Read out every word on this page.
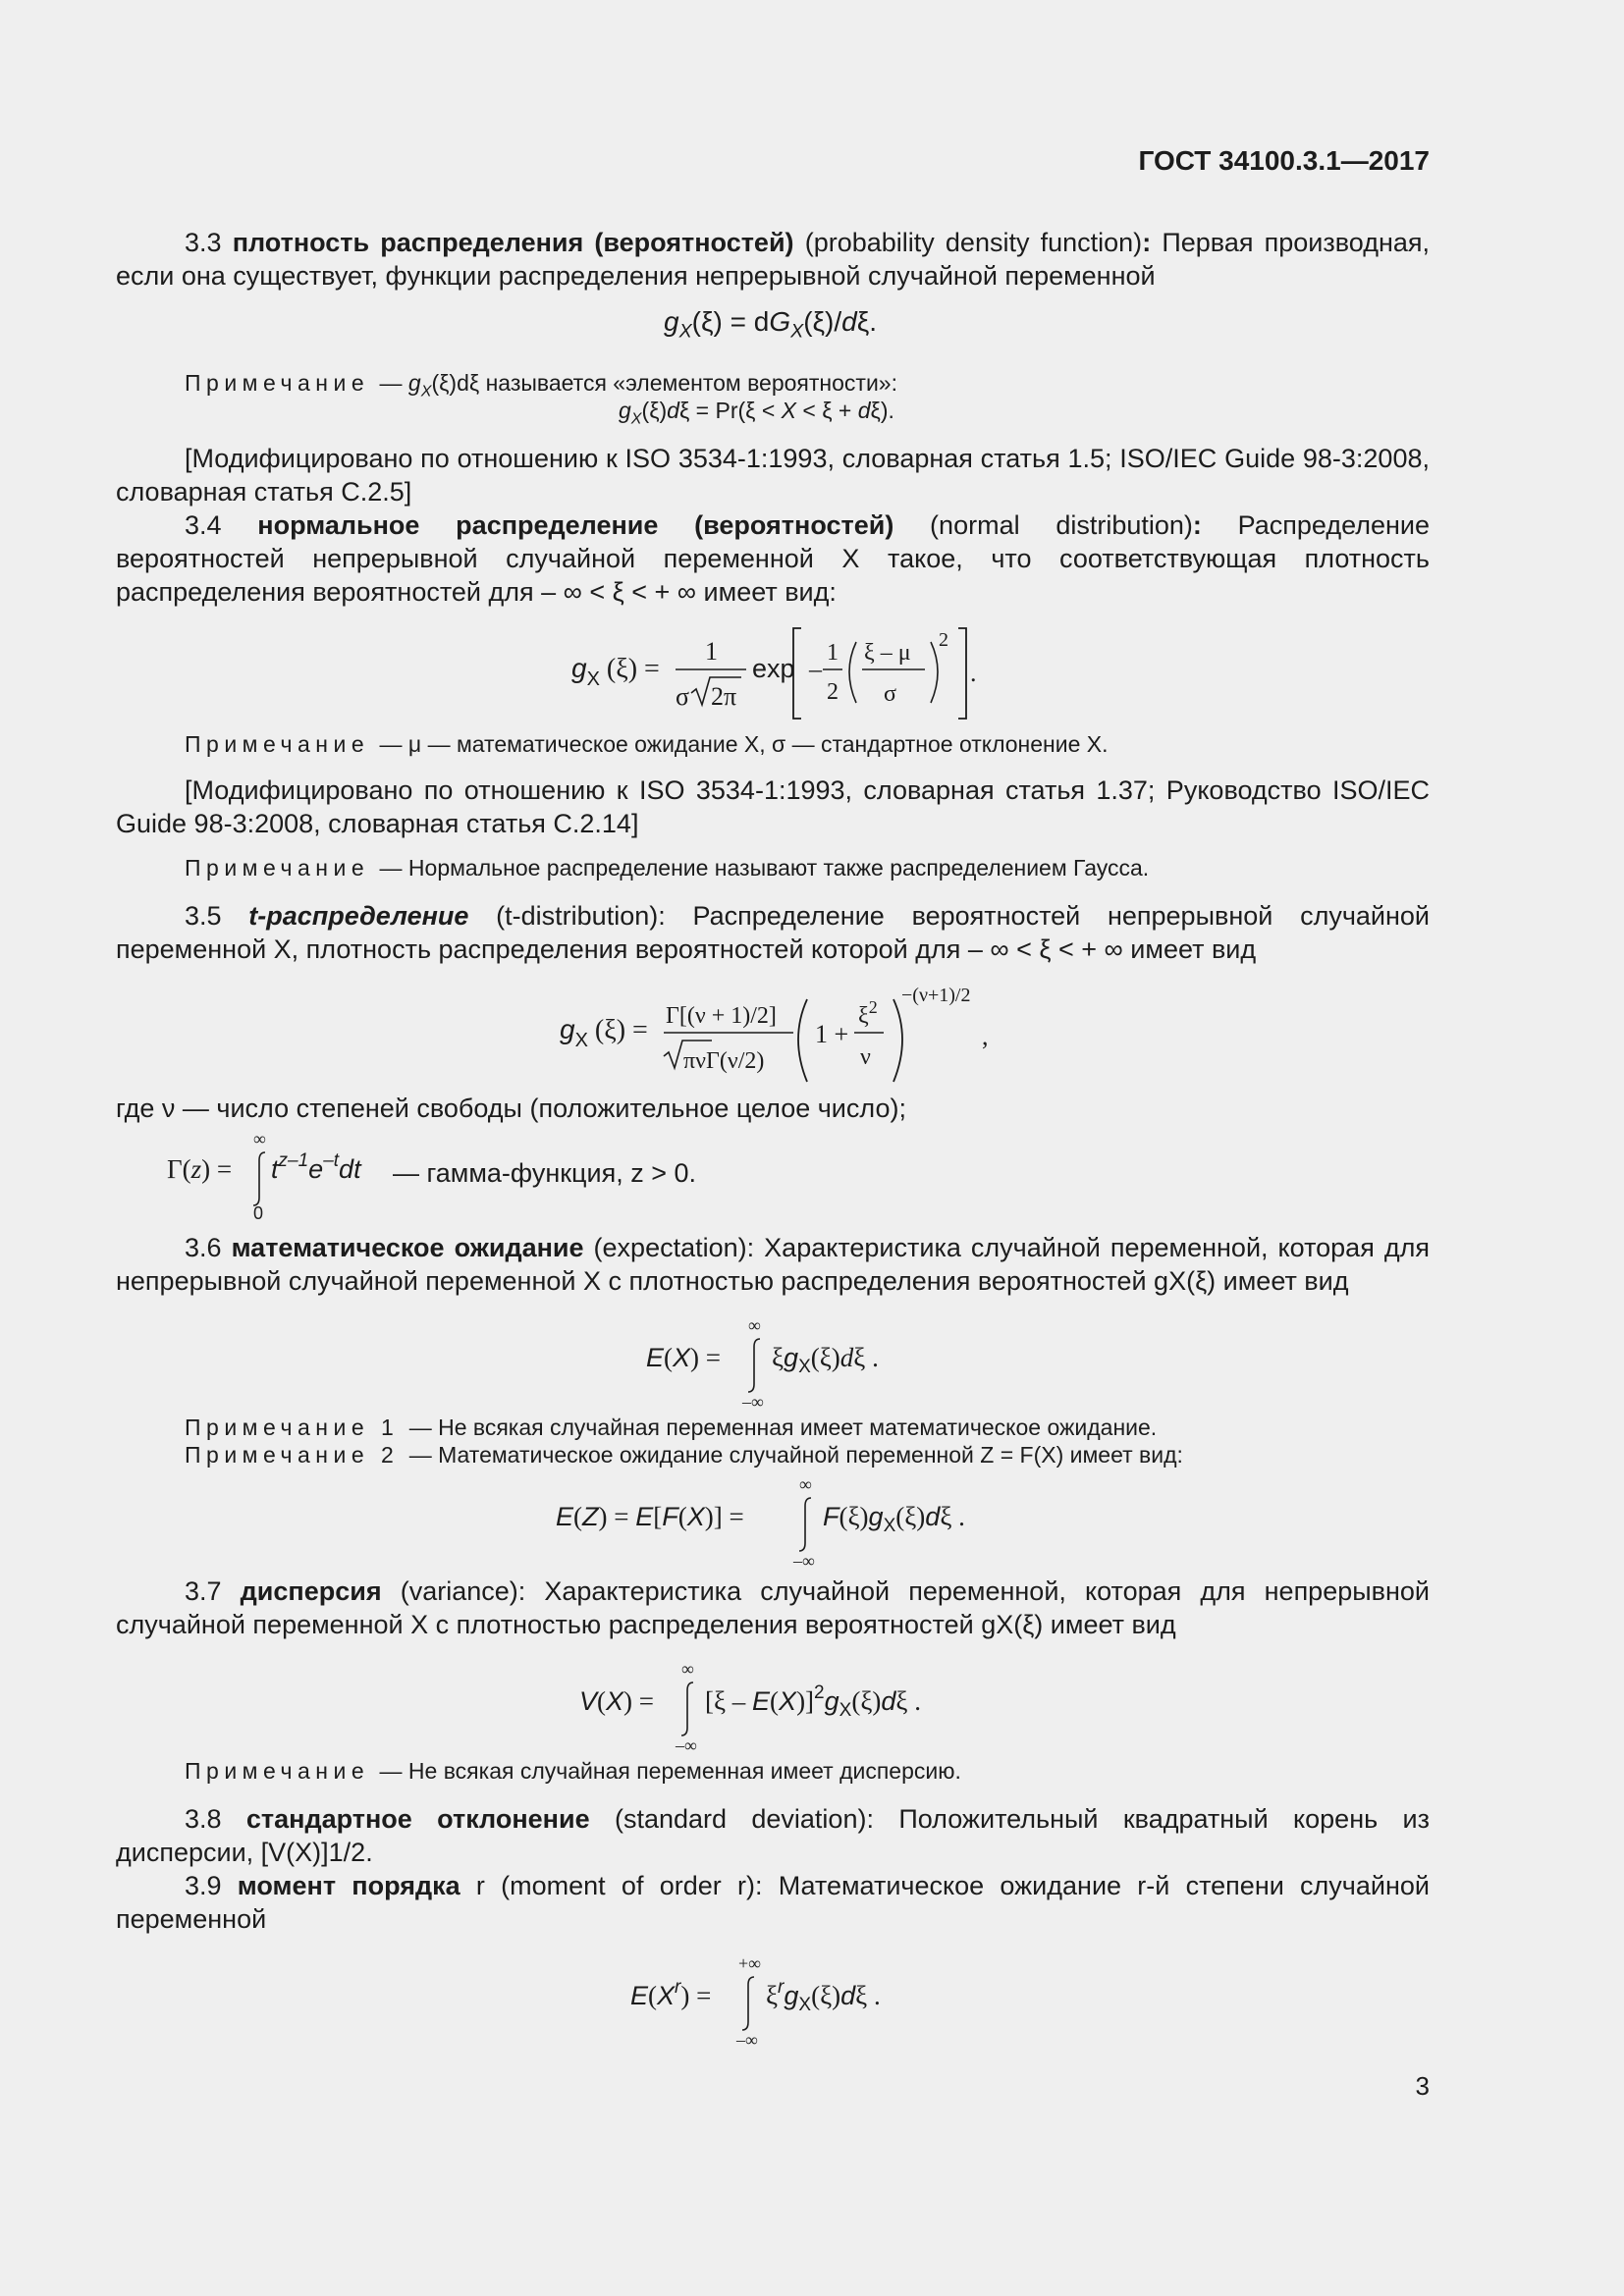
ГОСТ 34100.3.1—2017
3.3 плотность распределения (вероятностей) (probability density function): Первая производная, если она существует, функции распределения непрерывной случайной переменной
$g_X(\xi) = dG_X(\xi)/d\xi$.
Примечание — $g_X(\xi)d\xi$ называется «элементом вероятности»:
$g_X(\xi)d\xi = Pr(\xi < X < \xi + d\xi)$.
[Модифицировано по отношению к ISO 3534-1:1993, словарная статья 1.5; ISO/IEC Guide 98-3:2008, словарная статья С.2.5]
3.4 нормальное распределение (вероятностей) (normal distribution): Распределение вероятностей непрерывной случайной переменной X такое, что соответствующая плотность распределения вероятностей для – ∞ < ξ < + ∞ имеет вид:
$g_X$ (ξ) =
1
σ 2π
exp –
1
2
ξ – μ
σ
2
.
Примечание — μ — математическое ожидание X, σ — стандартное отклонение X.
[Модифицировано по отношению к ISO 3534-1:1993, словарная статья 1.37; Руководство ISO/IEC Guide 98-3:2008, словарная статья С.2.14]
Примечание — Нормальное распределение называют также распределением Гаусса.
3.5 t-распределение (t-distribution): Распределение вероятностей непрерывной случайной переменной X, плотность распределения вероятностей которой для – ∞ < ξ < + ∞ имеет вид
$g_X$ (ξ) = Γ[(ν + 1)/2]
πνΓ(ν/2)
1 +
$\xi^2$
ν
−(ν+1)/2
,
где ν — число степеней свободы (положительное целое число);
Γ(z) =
∞
0
$t^{z-1}e^{-t}dt$ — гамма-функция, z > 0.
3.6 математическое ожидание (expectation): Характеристика случайной переменной, которая для непрерывной случайной переменной X с плотностью распределения вероятностей gX(ξ) имеет вид
E(X) =
∞
–∞
$\xi g_X(\xi)d\xi$ .
Примечание 1 — Не всякая случайная переменная имеет математическое ожидание.
Примечание 2 — Математическое ожидание случайной переменной Z = F(X) имеет вид:
E(Z) = E[F(X)] =
∞
–∞
$F(\xi)g_X(\xi)d\xi$ .
3.7 дисперсия (variance): Характеристика случайной переменной, которая для непрерывной случайной переменной X с плотностью распределения вероятностей gX(ξ) имеет вид
V(X) =
∞
–∞
$[\xi - E(X)]^2g_X(\xi)d\xi$ .
Примечание — Не всякая случайная переменная имеет дисперсию.
3.8 стандартное отклонение (standard deviation): Положительный квадратный корень из дисперсии, [V(X)]1/2.
3.9 момент порядка r (moment of order r): Математическое ожидание r-й степени случайной переменной
$E(X^r)$ =
+∞
–∞
$\xi^rg_X(\xi)d\xi$ .
3
